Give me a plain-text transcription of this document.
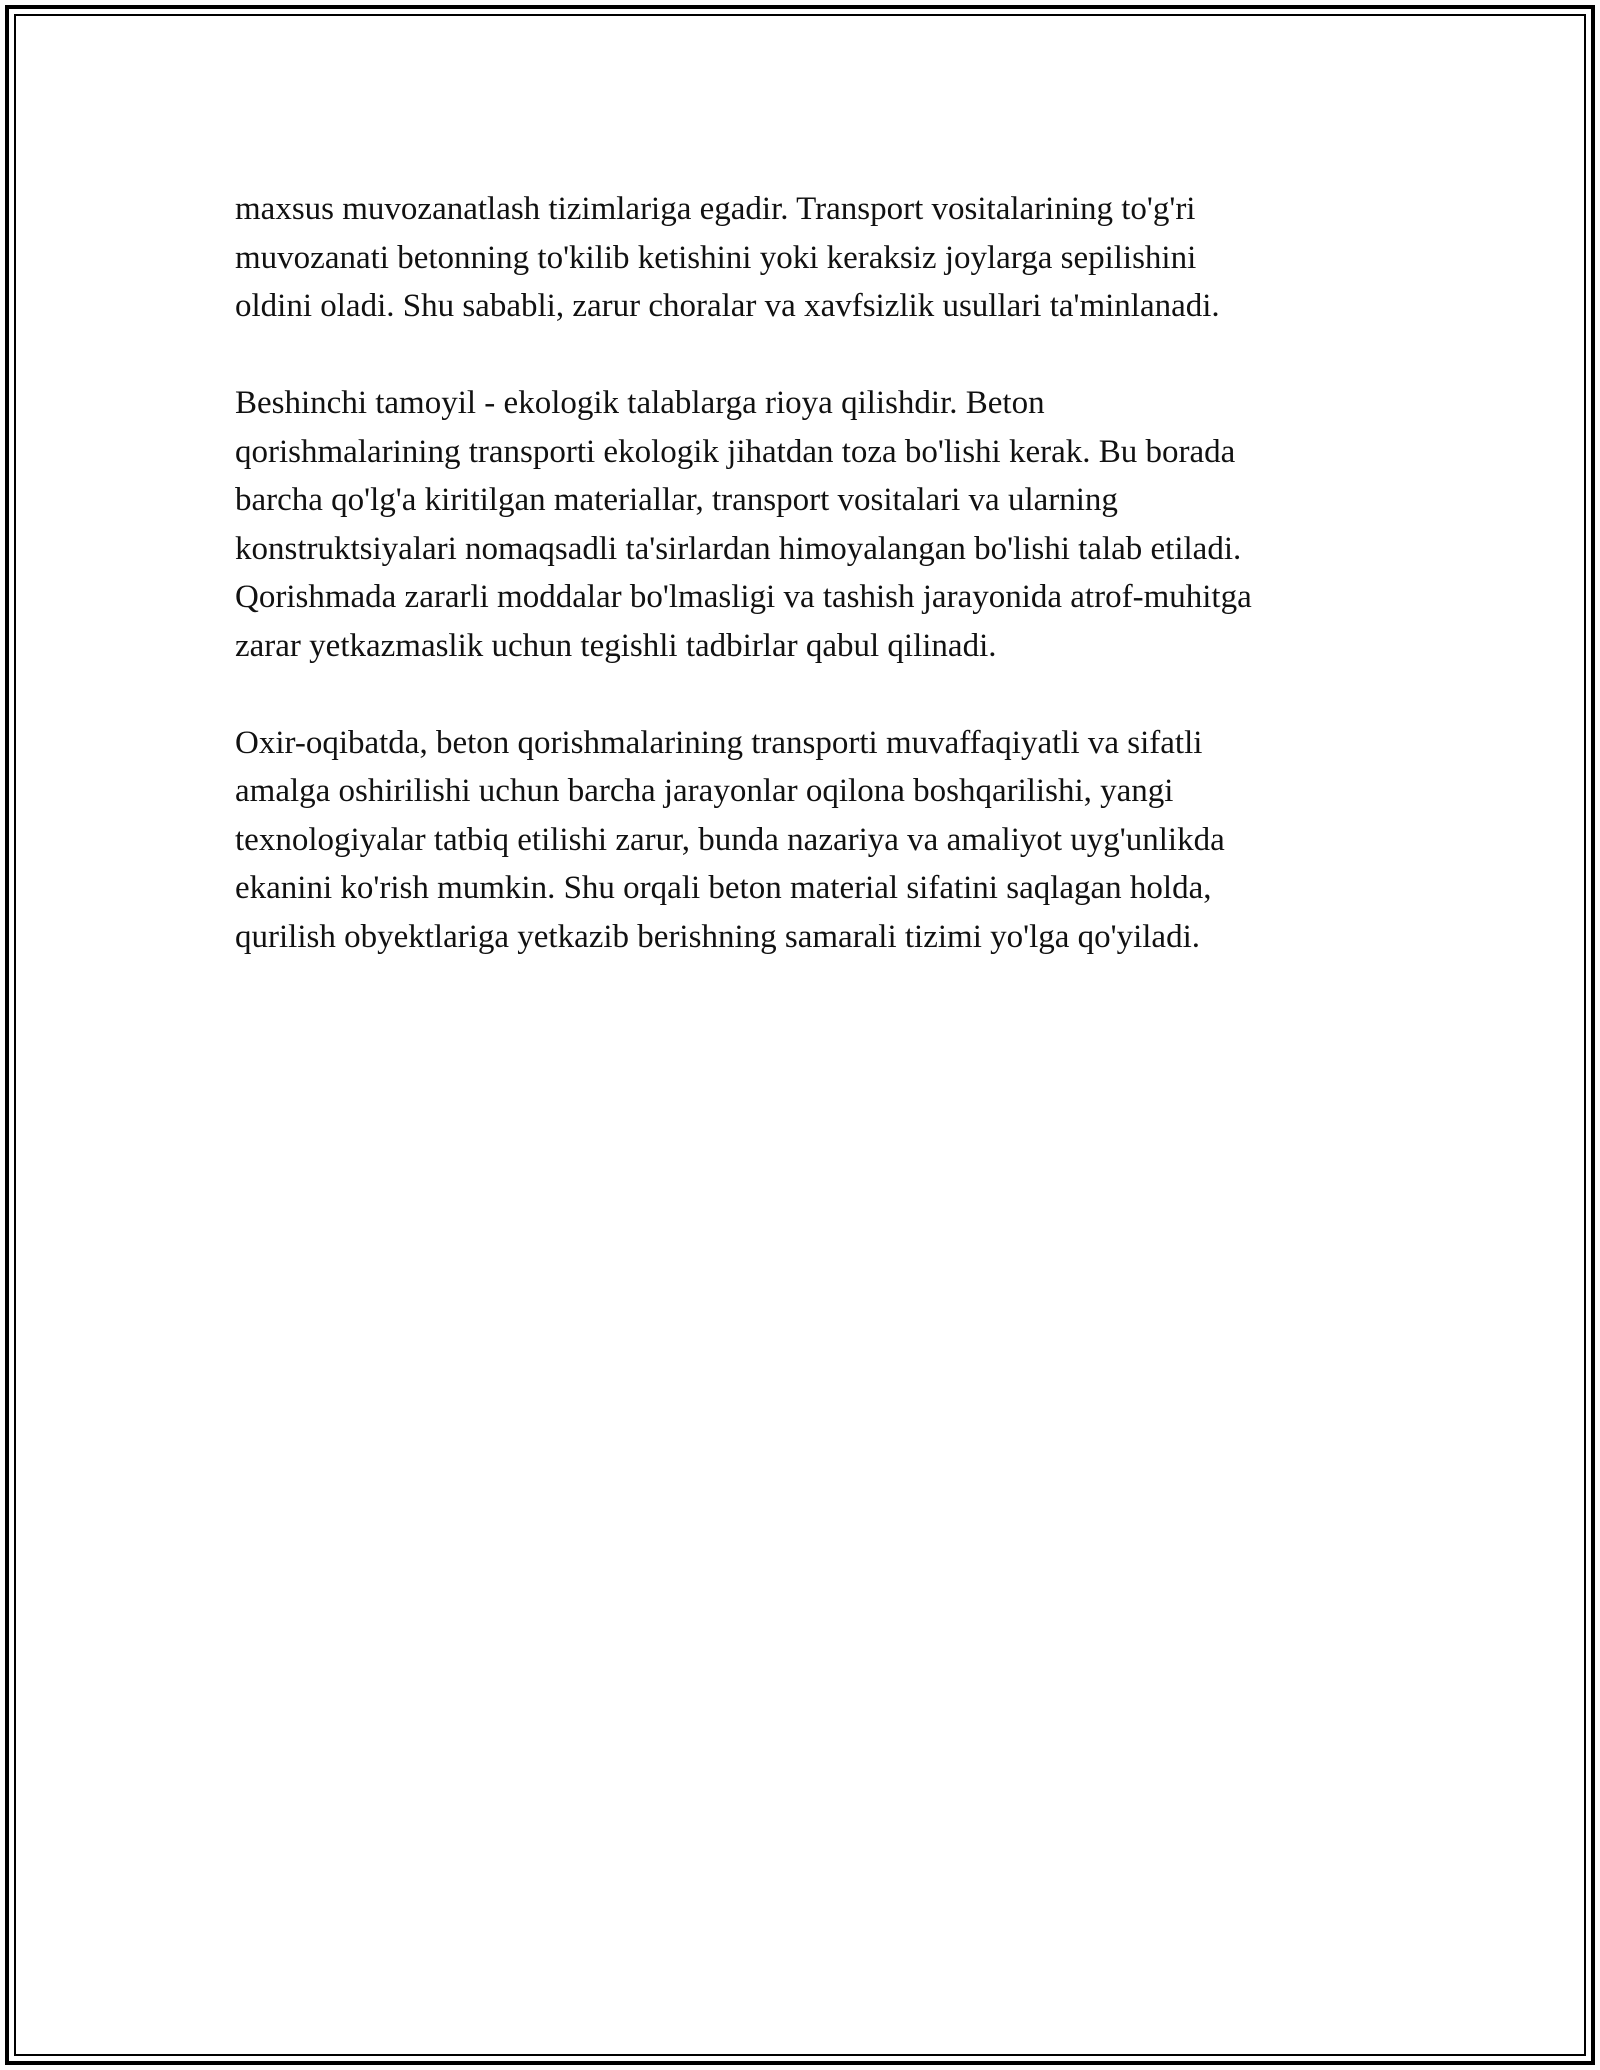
maxsus muvozanatlash tizimlariga egadir. Transport vositalarining to'g'ri
muvozanati betonning to'kilib ketishini yoki keraksiz joylarga sepilishini
oldini oladi. Shu sababli, zarur choralar va xavfsizlik usullari ta'minlanadi.

Beshinchi tamoyil - ekologik talablarga rioya qilishdir. Beton
qorishmalarining transporti ekologik jihatdan toza bo'lishi kerak. Bu borada
barcha qo'lg'a kiritilgan materiallar, transport vositalari va ularning
konstruktsiyalari nomaqsadli ta'sirlardan himoyalangan bo'lishi talab etiladi.
Qorishmada zararli moddalar bo'lmasligi va tashish jarayonida atrof-muhitga
zarar yetkazmaslik uchun tegishli tadbirlar qabul qilinadi.

Oxir-oqibatda, beton qorishmalarining transporti muvaffaqiyatli va sifatli
amalga oshirilishi uchun barcha jarayonlar oqilona boshqarilishi, yangi
texnologiyalar tatbiq etilishi zarur, bunda nazariya va amaliyot uyg'unlikda
ekanini ko'rish mumkin. Shu orqali beton material sifatini saqlagan holda,
qurilish obyektlariga yetkazib berishning samarali tizimi yo'lga qo'yiladi.
